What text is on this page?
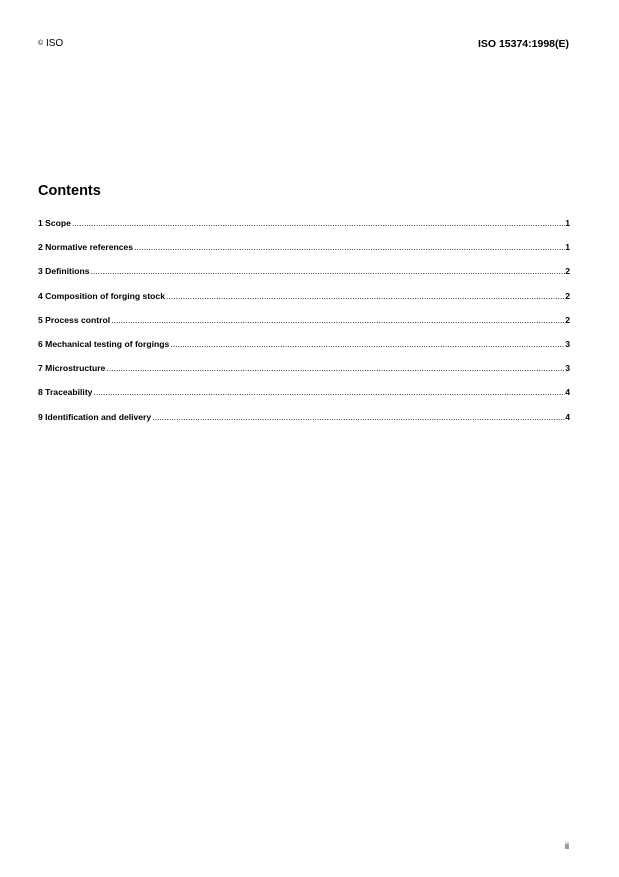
© ISO	ISO 15374:1998(E)
Contents
1 Scope .....	1
2 Normative references .....	1
3 Definitions .....	2
4 Composition of forging stock .....	2
5 Process control .....	2
6 Mechanical testing of forgings .....	3
7 Microstructure .....	3
8 Traceability .....	4
9 Identification and delivery .....	4
ii
